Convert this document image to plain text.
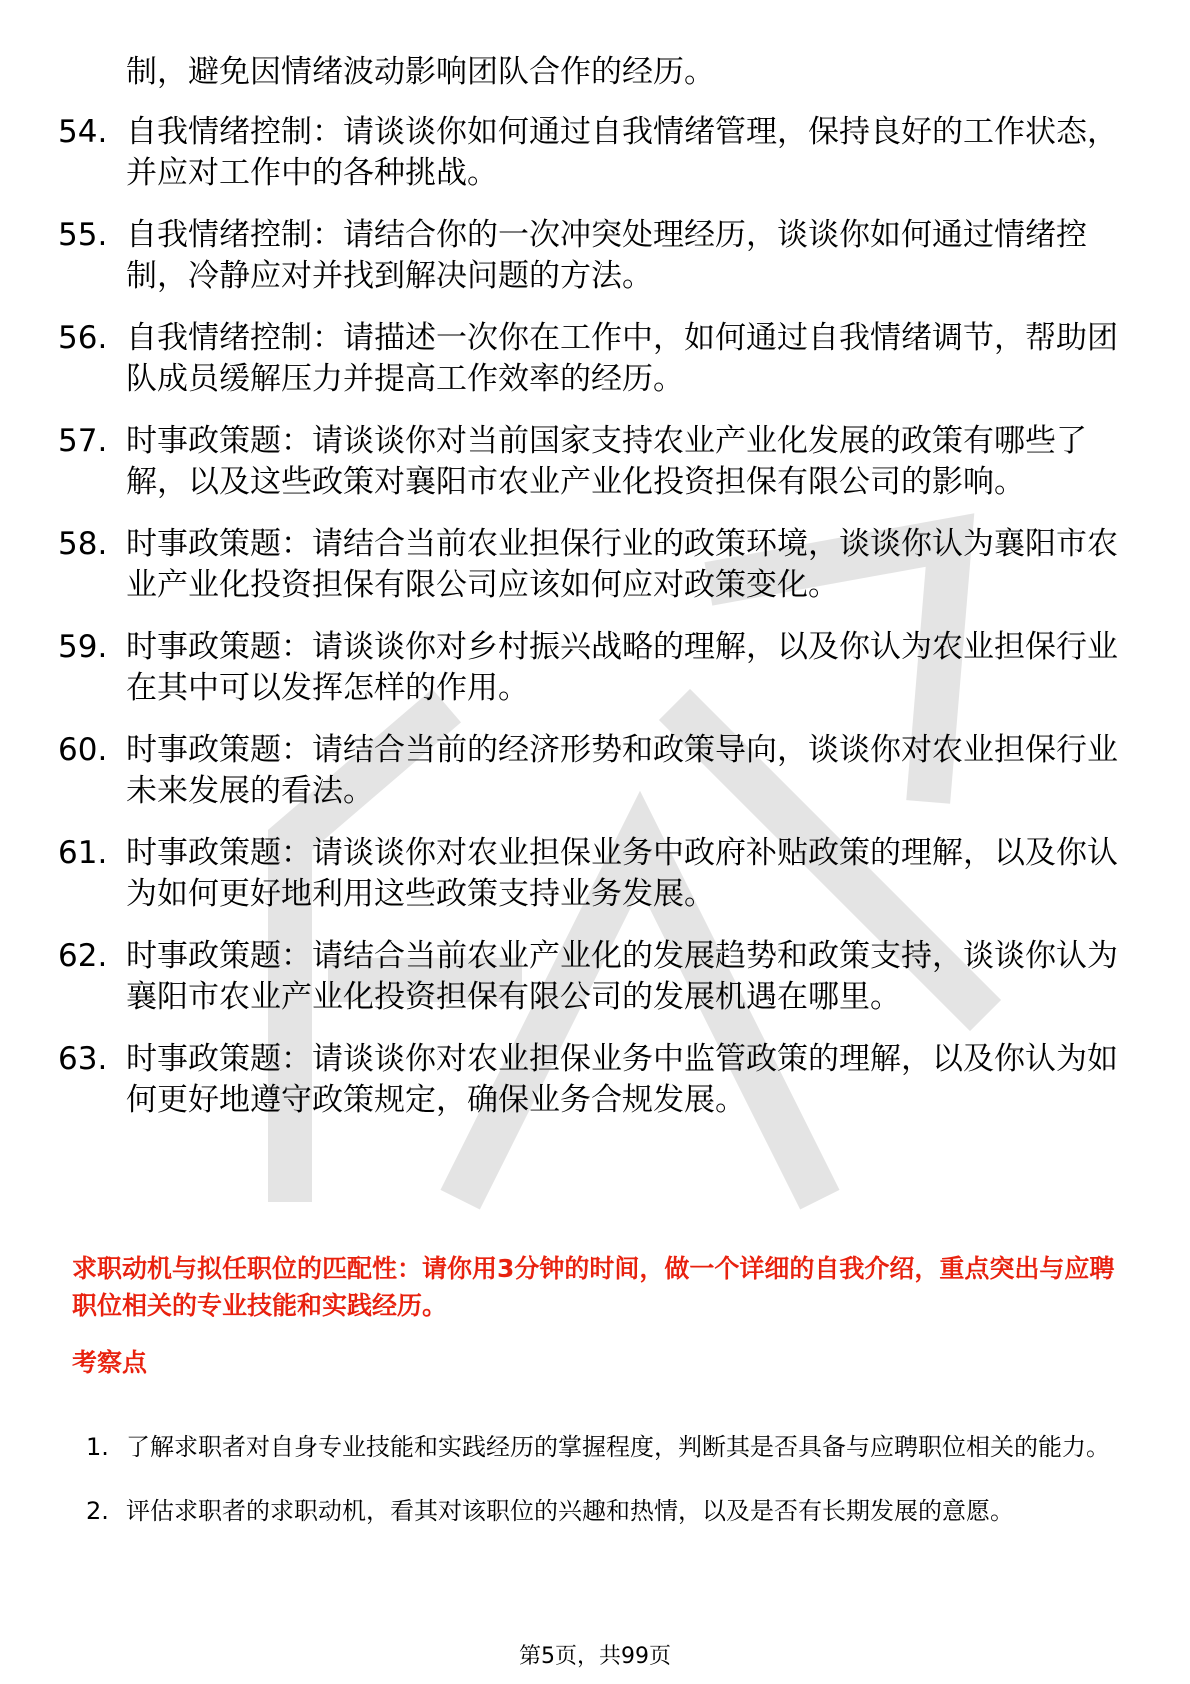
制，避免因情绪波动影响团队合作的经历。
54. 自我情绪控制：请谈谈你如何通过自我情绪管理，保持良好的工作状态，并应对工作中的各种挑战。
55. 自我情绪控制：请结合你的一次冲突处理经历，谈谈你如何通过情绪控制，冷静应对并找到解决问题的方法。
56. 自我情绪控制：请描述一次你在工作中，如何通过自我情绪调节，帮助团队成员缓解压力并提高工作效率的经历。
57. 时事政策题：请谈谈你对当前国家支持农业产业化发展的政策有哪些了解，以及这些政策对襄阳市农业产业化投资担保有限公司的影响。
58. 时事政策题：请结合当前农业担保行业的政策环境，谈谈你认为襄阳市农业产业化投资担保有限公司应该如何应对政策变化。
59. 时事政策题：请谈谈你对乡村振兴战略的理解，以及你认为农业担保行业在其中可以发挥怎样的作用。
60. 时事政策题：请结合当前的经济形势和政策导向，谈谈你对农业担保行业未来发展的看法。
61. 时事政策题：请谈谈你对农业担保业务中政府补贴政策的理解，以及你认为如何更好地利用这些政策支持业务发展。
62. 时事政策题：请结合当前农业产业化的发展趋势和政策支持，谈谈你认为襄阳市农业产业化投资担保有限公司的发展机遇在哪里。
63. 时事政策题：请谈谈你对农业担保业务中监管政策的理解，以及你认为如何更好地遵守政策规定，确保业务合规发展。
求职动机与拟任职位的匹配性：请你用3分钟的时间，做一个详细的自我介绍，重点突出与应聘职位相关的专业技能和实践经历。
考察点
1. 了解求职者对自身专业技能和实践经历的掌握程度，判断其是否具备与应聘职位相关的能力。
2. 评估求职者的求职动机，看其对该职位的兴趣和热情，以及是否有长期发展的意愿。
第5页，共99页
